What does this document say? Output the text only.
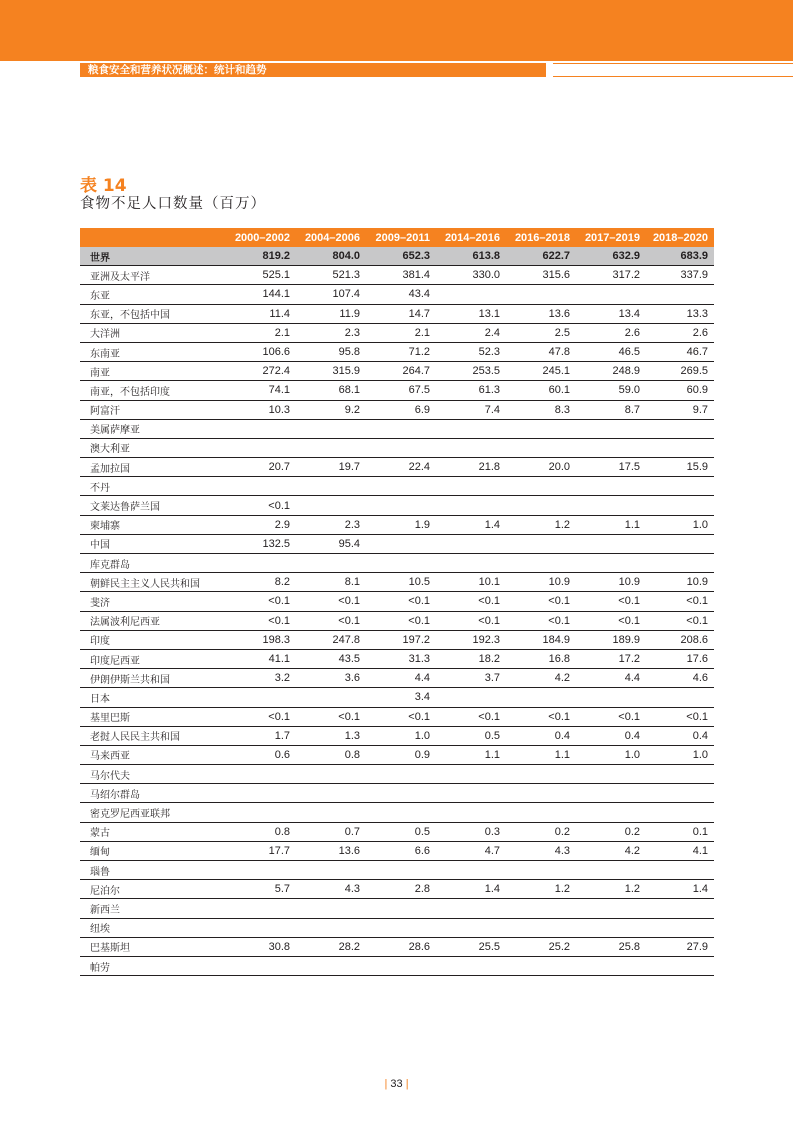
粮食安全和营养状况概述：统计和趋势
表 14
食物不足人口数量（百万）
	2000–2002	2004–2006	2009–2011	2014–2016	2016–2018	2017–2019	2018–2020
世界	819.2	804.0	652.3	613.8	622.7	632.9	683.9
亚洲及太平洋	525.1	521.3	381.4	330.0	315.6	317.2	337.9
东亚	144.1	107.4	43.4				
东亚，不包括中国	11.4	11.9	14.7	13.1	13.6	13.4	13.3
大洋洲	2.1	2.3	2.1	2.4	2.5	2.6	2.6
东南亚	106.6	95.8	71.2	52.3	47.8	46.5	46.7
南亚	272.4	315.9	264.7	253.5	245.1	248.9	269.5
南亚，不包括印度	74.1	68.1	67.5	61.3	60.1	59.0	60.9
阿富汗	10.3	9.2	6.9	7.4	8.3	8.7	9.7
美属萨摩亚							
澳大利亚							
孟加拉国	20.7	19.7	22.4	21.8	20.0	17.5	15.9
不丹							
文莱达鲁萨兰国	<0.1						
柬埔寨	2.9	2.3	1.9	1.4	1.2	1.1	1.0
中国	132.5	95.4					
库克群岛							
朝鲜民主主义人民共和国	8.2	8.1	10.5	10.1	10.9	10.9	10.9
斐济	<0.1	<0.1	<0.1	<0.1	<0.1	<0.1	<0.1
法属波利尼西亚	<0.1	<0.1	<0.1	<0.1	<0.1	<0.1	<0.1
印度	198.3	247.8	197.2	192.3	184.9	189.9	208.6
印度尼西亚	41.1	43.5	31.3	18.2	16.8	17.2	17.6
伊朗伊斯兰共和国	3.2	3.6	4.4	3.7	4.2	4.4	4.6
日本			3.4				
基里巴斯	<0.1	<0.1	<0.1	<0.1	<0.1	<0.1	<0.1
老挝人民民主共和国	1.7	1.3	1.0	0.5	0.4	0.4	0.4
马来西亚	0.6	0.8	0.9	1.1	1.1	1.0	1.0
马尔代夫							
马绍尔群岛							
密克罗尼西亚联邦							
蒙古	0.8	0.7	0.5	0.3	0.2	0.2	0.1
缅甸	17.7	13.6	6.6	4.7	4.3	4.2	4.1
瑙鲁							
尼泊尔	5.7	4.3	2.8	1.4	1.2	1.2	1.4
新西兰							
纽埃							
巴基斯坦	30.8	28.2	28.6	25.5	25.2	25.8	27.9
帕劳							
| 33 |
